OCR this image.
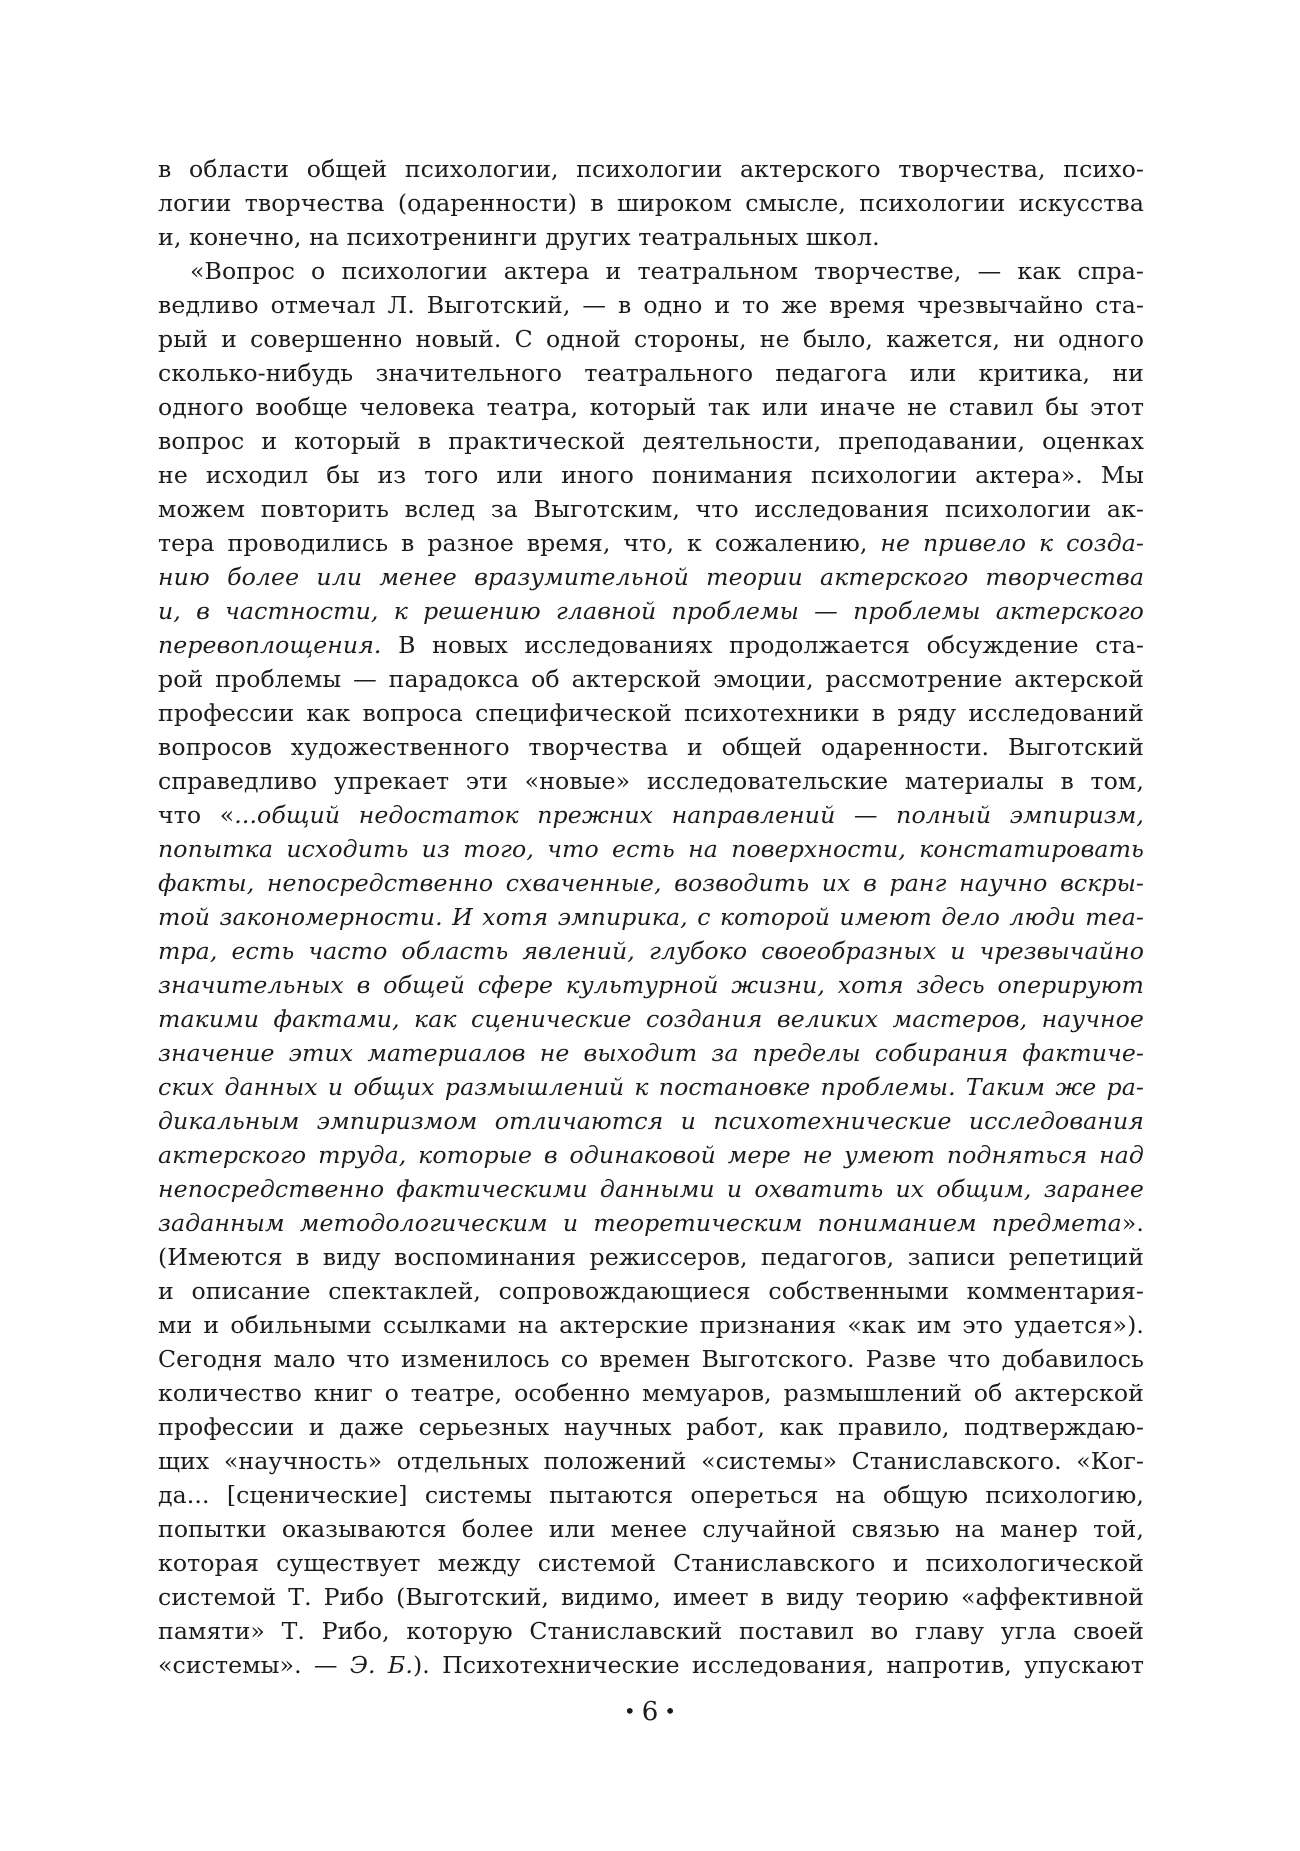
в области общей психологии, психологии актерского творчества, психо-
логии творчества (одаренности) в широком смысле, психологии искусства
и, конечно, на психотренинги других театральных школ.
«Вопрос о психологии актера и театральном творчестве, — как спра-
ведливо отмечал Л. Выготский, — в одно и то же время чрезвычайно ста-
рый и совершенно новый. С одной стороны, не было, кажется, ни одного
сколько-нибудь значительного театрального педагога или критика, ни
одного вообще человека театра, который так или иначе не ставил бы этот
вопрос и который в практической деятельности, преподавании, оценках
не исходил бы из того или иного понимания психологии актера». Мы
можем повторить вслед за Выготским, что исследования психологии ак-
тера проводились в разное время, что, к сожалению, не привело к созда-
нию более или менее вразумительной теории актерского творчества
и, в частности, к решению главной проблемы — проблемы актерского
перевоплощения. В новых исследованиях продолжается обсуждение ста-
рой проблемы — парадокса об актерской эмоции, рассмотрение актерской
профессии как вопроса специфической психотехники в ряду исследований
вопросов художественного творчества и общей одаренности. Выготский
справедливо упрекает эти «новые» исследовательские материалы в том,
что «...общий недостаток прежних направлений — полный эмпиризм,
попытка исходить из того, что есть на поверхности, констатировать
факты, непосредственно схваченные, возводить их в ранг научно вскры-
той закономерности. И хотя эмпирика, с которой имеют дело люди теа-
тра, есть часто область явлений, глубоко своеобразных и чрезвычайно
значительных в общей сфере культурной жизни, хотя здесь оперируют
такими фактами, как сценические создания великих мастеров, научное
значение этих материалов не выходит за пределы собирания фактиче-
ских данных и общих размышлений к постановке проблемы. Таким же ра-
дикальным эмпиризмом отличаются и психотехнические исследования
актерского труда, которые в одинаковой мере не умеют подняться над
непосредственно фактическими данными и охватить их общим, заранее
заданным методологическим и теоретическим пониманием предмета».
(Имеются в виду воспоминания режиссеров, педагогов, записи репетиций
и описание спектаклей, сопровождающиеся собственными комментария-
ми и обильными ссылками на актерские признания «как им это удается»).
Сегодня мало что изменилось со времен Выготского. Разве что добавилось
количество книг о театре, особенно мемуаров, размышлений об актерской
профессии и даже серьезных научных работ, как правило, подтверждаю-
щих «научность» отдельных положений «системы» Станиславского. «Ког-
да... [сценические] системы пытаются опереться на общую психологию,
попытки оказываются более или менее случайной связью на манер той,
которая существует между системой Станиславского и психологической
системой Т. Рибо (Выготский, видимо, имеет в виду теорию «аффективной
памяти» Т. Рибо, которую Станиславский поставил во главу угла своей
«системы». — Э. Б.). Психотехнические исследования, напротив, упускают
• 6 •
